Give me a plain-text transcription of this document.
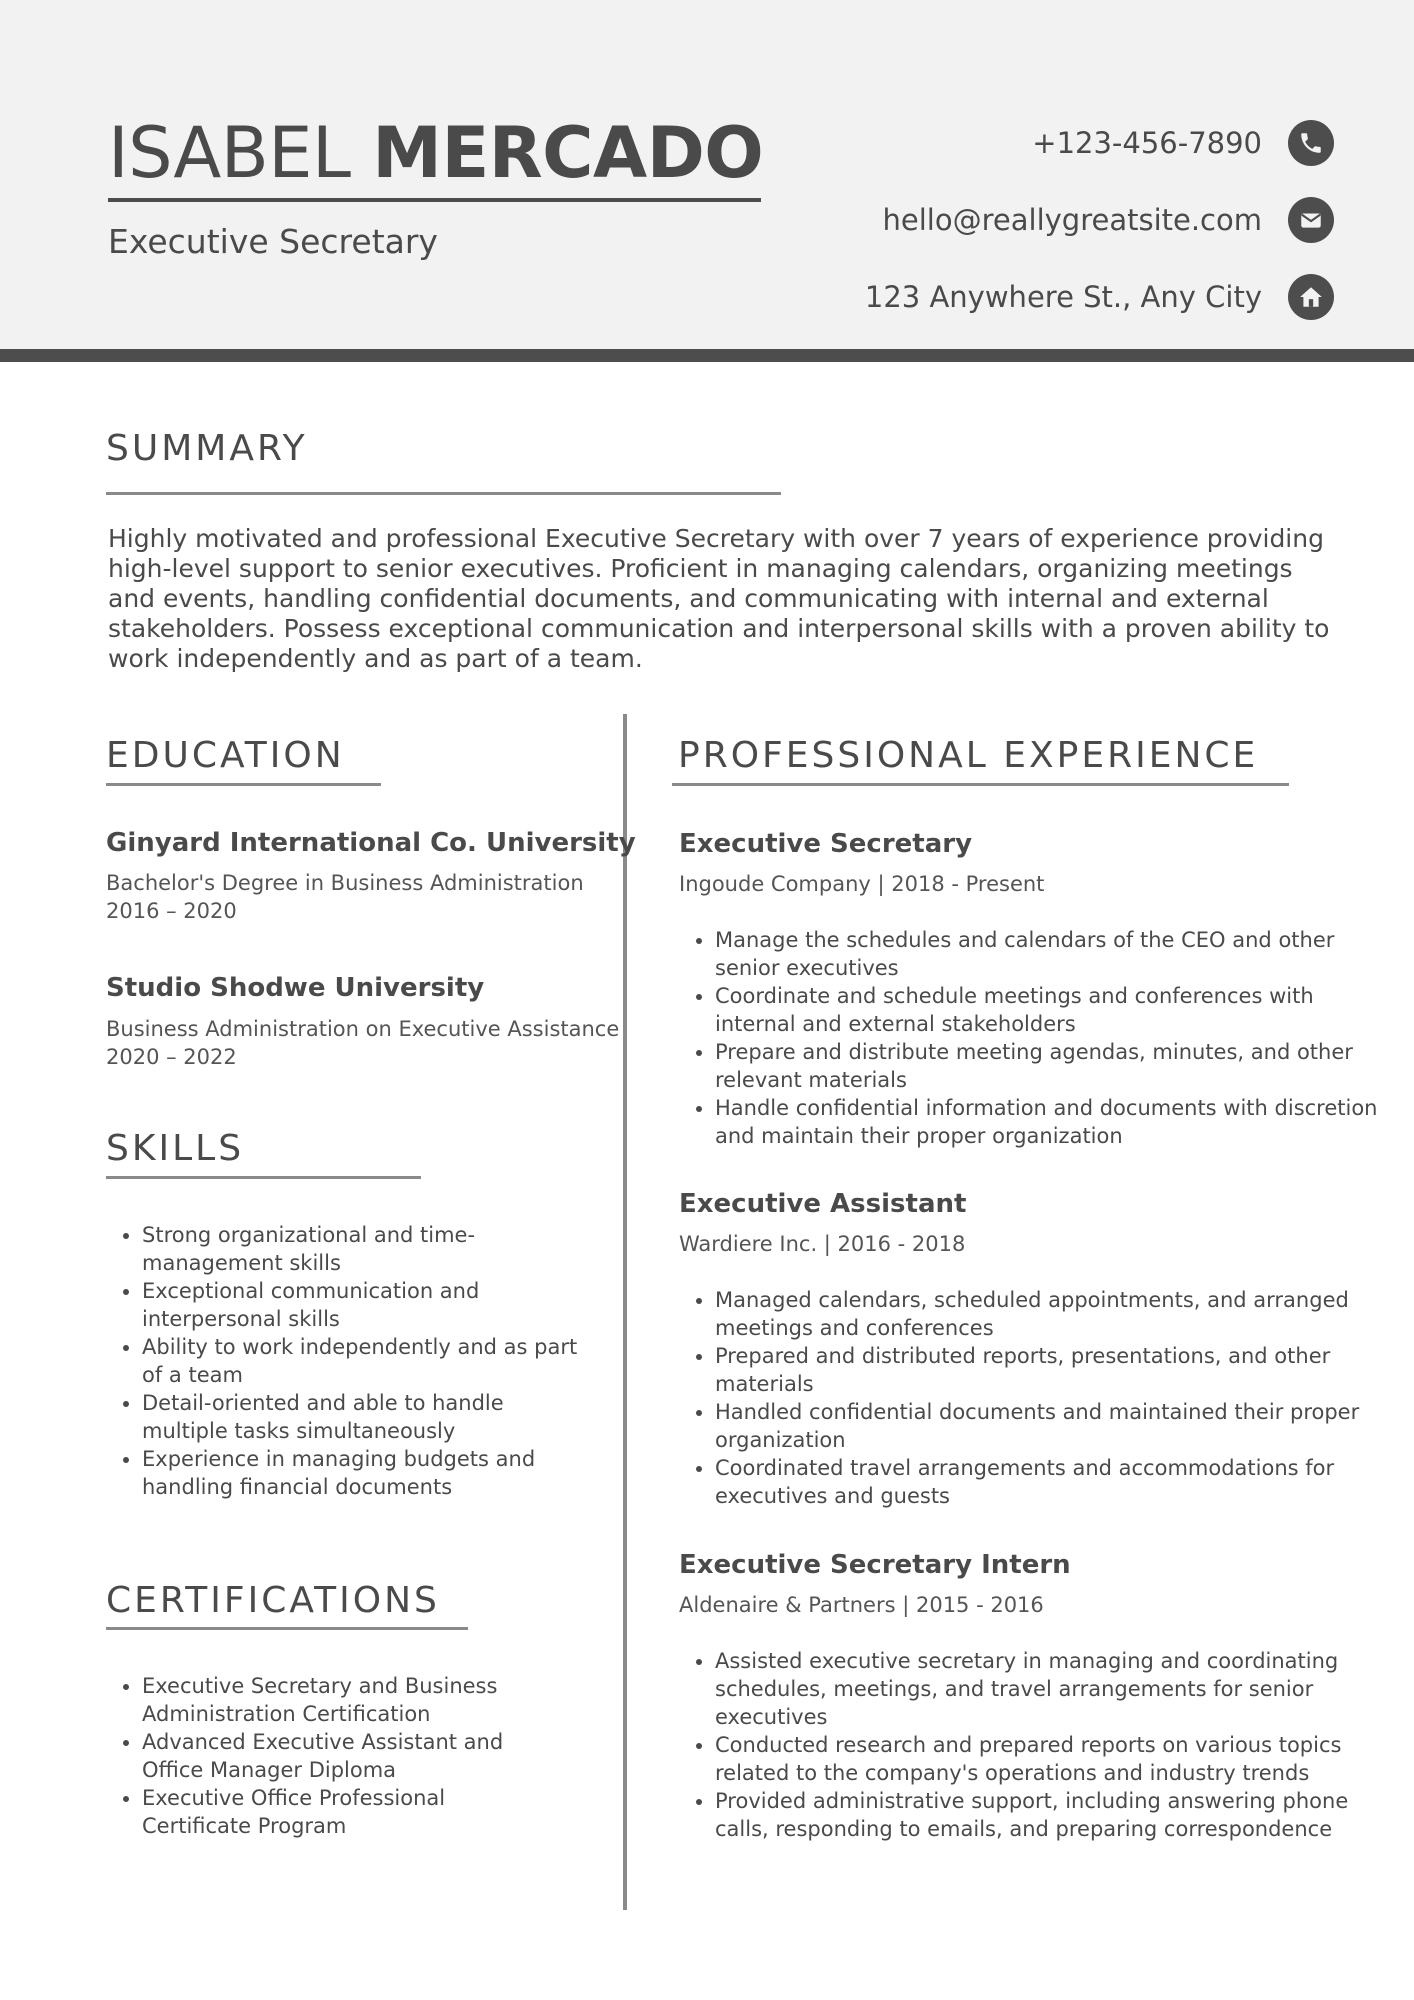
ISABEL MERCADO
Executive Secretary
+123-456-7890
hello@reallygreatsite.com
123 Anywhere St., Any City
SUMMARY
Highly motivated and professional Executive Secretary with over 7 years of experience providing high-level support to senior executives. Proficient in managing calendars, organizing meetings and events, handling confidential documents, and communicating with internal and external stakeholders. Possess exceptional communication and interpersonal skills with a proven ability to work independently and as part of a team.
EDUCATION
Ginyard International Co. University
Bachelor's Degree in Business Administration
2016 – 2020
Studio Shodwe University
Business Administration on Executive Assistance
2020 – 2022
SKILLS
• Strong organizational and time-management skills
• Exceptional communication and interpersonal skills
• Ability to work independently and as part of a team
• Detail-oriented and able to handle multiple tasks simultaneously
• Experience in managing budgets and handling financial documents
CERTIFICATIONS
• Executive Secretary and Business Administration Certification
• Advanced Executive Assistant and Office Manager Diploma
• Executive Office Professional Certificate Program
PROFESSIONAL EXPERIENCE
Executive Secretary
Ingoude Company | 2018 - Present
• Manage the schedules and calendars of the CEO and other senior executives
• Coordinate and schedule meetings and conferences with internal and external stakeholders
• Prepare and distribute meeting agendas, minutes, and other relevant materials
• Handle confidential information and documents with discretion and maintain their proper organization
Executive Assistant
Wardiere Inc. | 2016 - 2018
• Managed calendars, scheduled appointments, and arranged meetings and conferences
• Prepared and distributed reports, presentations, and other materials
• Handled confidential documents and maintained their proper organization
• Coordinated travel arrangements and accommodations for executives and guests
Executive Secretary Intern
Aldenaire & Partners | 2015 - 2016
• Assisted executive secretary in managing and coordinating schedules, meetings, and travel arrangements for senior executives
• Conducted research and prepared reports on various topics related to the company's operations and industry trends
• Provided administrative support, including answering phone calls, responding to emails, and preparing correspondence
